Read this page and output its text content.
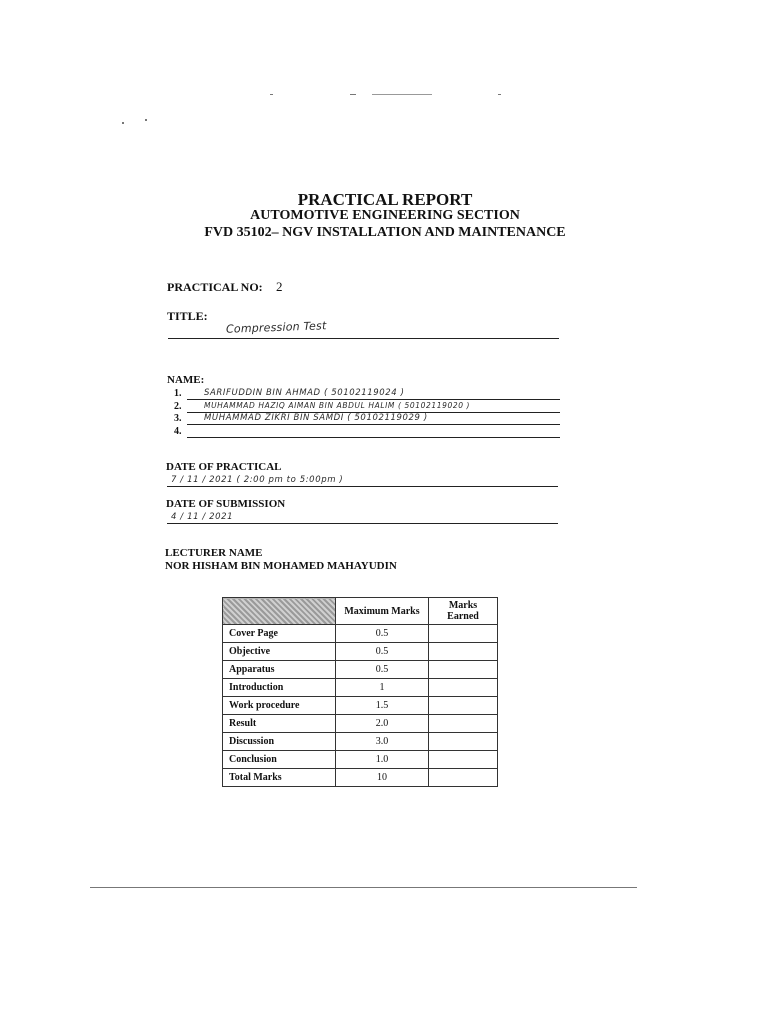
PRACTICAL REPORT
AUTOMOTIVE ENGINEERING SECTION
FVD 35102– NGV INSTALLATION AND MAINTENANCE
PRACTICAL NO: 2
TITLE:
Compression Test
NAME:
1.	SARIFUDDIN BIN AHMAD ( 50102119024 )
2.	MUHAMMAD HAZIQ AIMAN BIN ABDUL HALIM ( 50102119020 )
3.	MUHAMMAD ZIKRI BIN SAMDI ( 50102119029 )
4.
DATE OF PRACTICAL
7 / 11 / 2021 ( 2:00 pm to 5:00pm )
DATE OF SUBMISSION
4 / 11 / 2021
LECTURER NAME
NOR HISHAM BIN MOHAMED MAHAYUDIN
	Maximum Marks	Marks
Earned

Cover Page	0.5	
Objective	0.5	
Apparatus	0.5	
Introduction	1	
Work procedure	1.5	
Result	2.0	
Discussion	3.0	
Conclusion	1.0	
Total Marks	10	
